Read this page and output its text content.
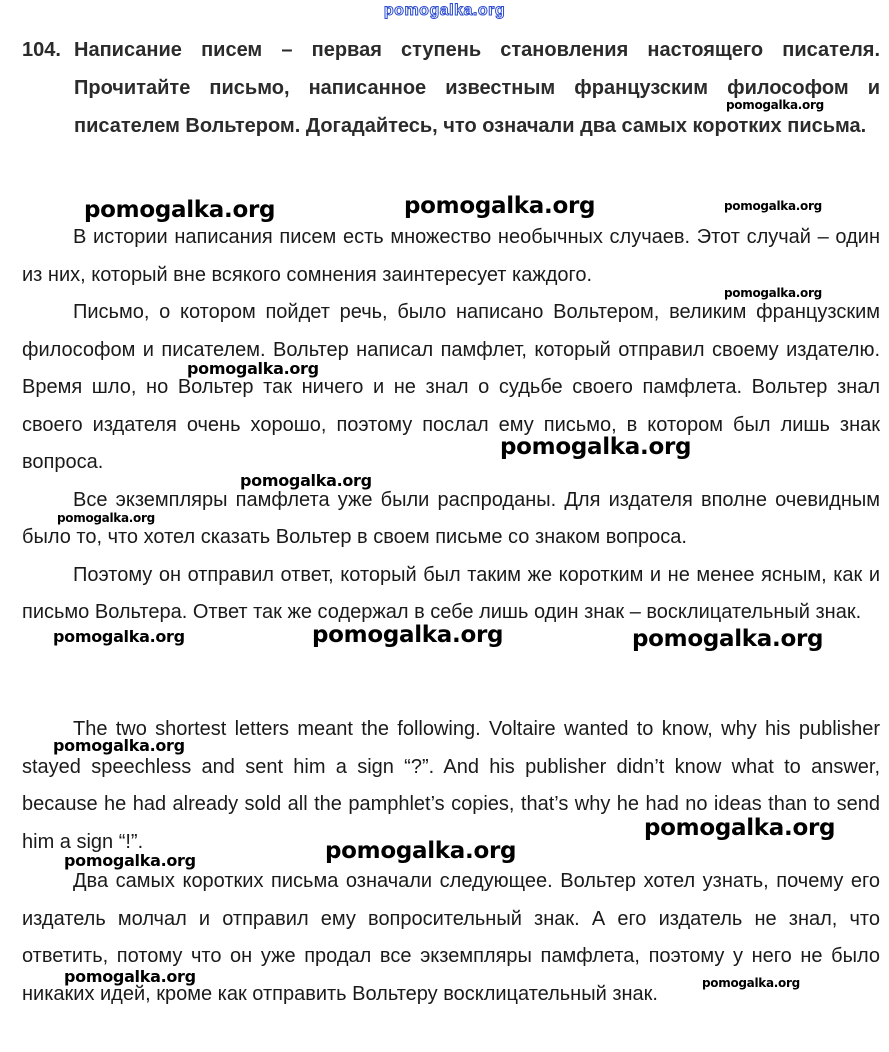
pomogalka.org
104. Написание писем – первая ступень становления настоящего писателя. Прочитайте письмо, написанное известным французским философом и писателем Вольтером. Догадайтесь, что означали два самых коротких письма.

В истории написания писем есть множество необычных случаев. Этот случай – один из них, который вне всякого сомнения заинтересует каждого.

Письмо, о котором пойдет речь, было написано Вольтером, великим французским философом и писателем. Вольтер написал памфлет, который отправил своему издателю. Время шло, но Вольтер так ничего и не знал о судьбе своего памфлета. Вольтер знал своего издателя очень хорошо, поэтому послал ему письмо, в котором был лишь знак вопроса.

Все экземпляры памфлета уже были распроданы. Для издателя вполне очевидным было то, что хотел сказать Вольтер в своем письме со знаком вопроса.

Поэтому он отправил ответ, который был таким же коротким и не менее ясным, как и письмо Вольтера. Ответ так же содержал в себе лишь один знак – восклицательный знак.

The two shortest letters meant the following. Voltaire wanted to know, why his publisher stayed speechless and sent him a sign “?”. And his publisher didn’t know what to answer, because he had already sold all the pamphlet’s copies, that’s why he had no ideas than to send him a sign “!”.

Два самых коротких письма означали следующее. Вольтер хотел узнать, почему его издатель молчал и отправил ему вопросительный знак. А его издатель не знал, что ответить, потому что он уже продал все экземпляры памфлета, поэтому у него не было никаких идей, кроме как отправить Вольтеру восклицательный знак.

pomogalka.org
pomogalka.org	pomogalka.org	pomogalka.org
pomogalka.org
pomogalka.org
pomogalka.org
pomogalka.org
pomogalka.org
pomogalka.org	pomogalka.org	pomogalka.org
pomogalka.org
pomogalka.org
pomogalka.org
pomogalka.org
pomogalka.org	pomogalka.org
